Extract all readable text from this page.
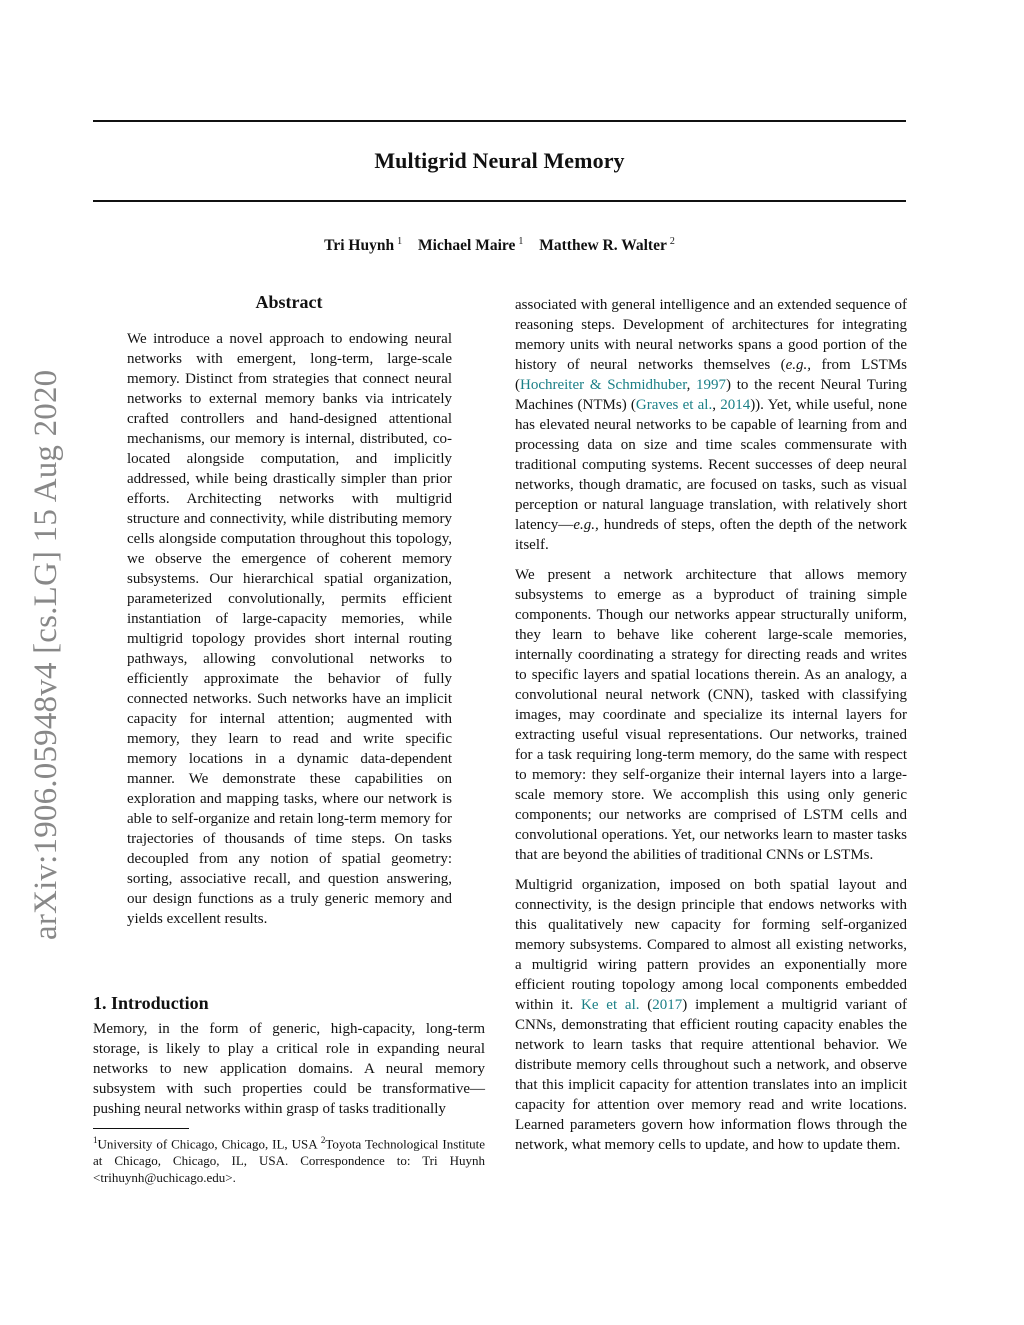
Multigrid Neural Memory
Tri Huynh $^1$ Michael Maire $^1$ Matthew R. Walter $^2$
arXiv:1906.05948v4 [cs.LG] 15 Aug 2020
Abstract

We introduce a novel approach to endowing neural networks with emergent, long-term, large-scale memory. Distinct from strategies that connect neural networks to external memory banks via intricately crafted controllers and hand-designed attentional mechanisms, our memory is internal, distributed, co-located alongside computation, and implicitly addressed, while being drastically simpler than prior efforts. Architecting networks with multigrid structure and connectivity, while distributing memory cells alongside computation throughout this topology, we observe the emergence of coherent memory subsystems. Our hierarchical spatial organization, parameterized convolutionally, permits efficient instantiation of large-capacity memories, while multigrid topology provides short internal routing pathways, allowing convolutional networks to efficiently approximate the behavior of fully connected networks. Such networks have an implicit capacity for internal attention; augmented with memory, they learn to read and write specific memory locations in a dynamic data-dependent manner. We demonstrate these capabilities on exploration and mapping tasks, where our network is able to self-organize and retain long-term memory for trajectories of thousands of time steps. On tasks decoupled from any notion of spatial geometry: sorting, associative recall, and question answering, our design functions as a truly generic memory and yields excellent results.

1. Introduction

Memory, in the form of generic, high-capacity, long-term storage, is likely to play a critical role in expanding neural networks to new application domains. A neural memory subsystem with such properties could be transformative—pushing neural networks within grasp of tasks traditionally

$^1$University of Chicago, Chicago, IL, USA $^2$Toyota Technological Institute at Chicago, Chicago, IL, USA. Correspondence to: Tri Huynh <trihuynh@uchicago.edu>.

associated with general intelligence and an extended sequence of reasoning steps. Development of architectures for integrating memory units with neural networks spans a good portion of the history of neural networks themselves (e.g., from LSTMs (Hochreiter & Schmidhuber, 1997) to the recent Neural Turing Machines (NTMs) (Graves et al., 2014)). Yet, while useful, none has elevated neural networks to be capable of learning from and processing data on size and time scales commensurate with traditional computing systems. Recent successes of deep neural networks, though dramatic, are focused on tasks, such as visual perception or natural language translation, with relatively short latency—e.g., hundreds of steps, often the depth of the network itself.

We present a network architecture that allows memory subsystems to emerge as a byproduct of training simple components. Though our networks appear structurally uniform, they learn to behave like coherent large-scale memories, internally coordinating a strategy for directing reads and writes to specific layers and spatial locations therein. As an analogy, a convolutional neural network (CNN), tasked with classifying images, may coordinate and specialize its internal layers for extracting useful visual representations. Our networks, trained for a task requiring long-term memory, do the same with respect to memory: they self-organize their internal layers into a large-scale memory store. We accomplish this using only generic components; our networks are comprised of LSTM cells and convolutional operations. Yet, our networks learn to master tasks that are beyond the abilities of traditional CNNs or LSTMs.

Multigrid organization, imposed on both spatial layout and connectivity, is the design principle that endows networks with this qualitatively new capacity for forming self-organized memory subsystems. Compared to almost all existing networks, a multigrid wiring pattern provides an exponentially more efficient routing topology among local components embedded within it. Ke et al. (2017) implement a multigrid variant of CNNs, demonstrating that efficient routing capacity enables the network to learn tasks that require attentional behavior. We distribute memory cells throughout such a network, and observe that this implicit capacity for attention translates into an implicit capacity for attention over memory read and write locations. Learned parameters govern how information flows through the network, what memory cells to update, and how to update them.
